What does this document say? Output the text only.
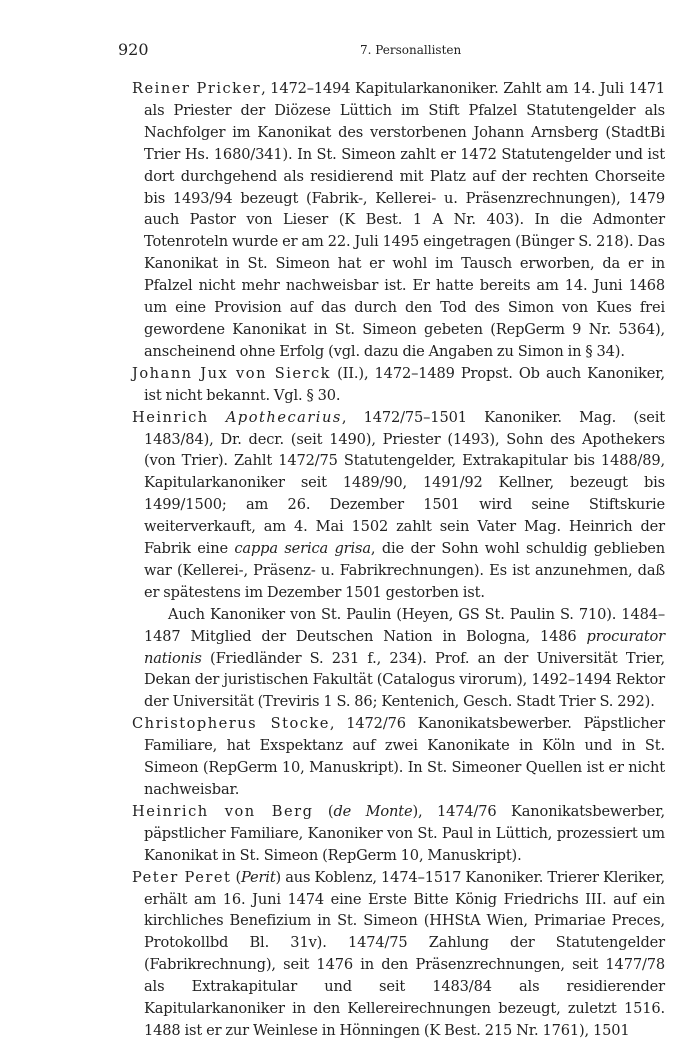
920	7. Personallisten

Reiner Pricker, 1472–1494 Kapitularkanoniker. Zahlt am 14. Juli 1471 als Priester der Diözese Lüttich im Stift Pfalzel Statutengelder als Nachfolger im Kanonikat des verstorbenen Johann Arnsberg (StadtBi Trier Hs. 1680/341). In St. Simeon zahlt er 1472 Statutengelder und ist dort durchgehend als residierend mit Platz auf der rechten Chorseite bis 1493/94 bezeugt (Fabrik-, Kellerei- u. Präsenzrechnungen), 1479 auch Pastor von Lieser (K Best. 1 A Nr. 403). In die Admonter Totenroteln wurde er am 22. Juli 1495 eingetragen (Bünger S. 218). Das Kanonikat in St. Simeon hat er wohl im Tausch erworben, da er in Pfalzel nicht mehr nachweisbar ist. Er hatte bereits am 14. Juni 1468 um eine Provision auf das durch den Tod des Simon von Kues frei gewordene Kanonikat in St. Simeon gebeten (RepGerm 9 Nr. 5364), anscheinend ohne Erfolg (vgl. dazu die Angaben zu Simon in § 34).

Johann Jux von Sierck (II.), 1472–1489 Propst. Ob auch Kanoniker, ist nicht bekannt. Vgl. § 30.

Heinrich Apothecarius, 1472/75–1501 Kanoniker. Mag. (seit 1483/84), Dr. decr. (seit 1490), Priester (1493), Sohn des Apothekers (von Trier). Zahlt 1472/75 Statutengelder, Extrakapitular bis 1488/89, Kapitularkanoniker seit 1489/90, 1491/92 Kellner, bezeugt bis 1499/1500; am 26. Dezember 1501 wird seine Stiftskurie weiterverkauft, am 4. Mai 1502 zahlt sein Vater Mag. Heinrich der Fabrik eine cappa serica grisa, die der Sohn wohl schuldig geblieben war (Kellerei-, Präsenz- u. Fabrikrechnungen). Es ist anzunehmen, daß er spätestens im Dezember 1501 gestorben ist.

Auch Kanoniker von St. Paulin (Heyen, GS St. Paulin S. 710). 1484–1487 Mitglied der Deutschen Nation in Bologna, 1486 procurator nationis (Friedländer S. 231 f., 234). Prof. an der Universität Trier, Dekan der juristischen Fakultät (Catalogus virorum), 1492–1494 Rektor der Universität (Treviris 1 S. 86; Kentenich, Gesch. Stadt Trier S. 292).

Christopherus Stocke, 1472/76 Kanonikatsbewerber. Päpstlicher Familiare, hat Exspektanz auf zwei Kanonikate in Köln und in St. Simeon (RepGerm 10, Manuskript). In St. Simeoner Quellen ist er nicht nachweisbar.

Heinrich von Berg (de Monte), 1474/76 Kanonikatsbewerber, päpstlicher Familiare, Kanoniker von St. Paul in Lüttich, prozessiert um Kanonikat in St. Simeon (RepGerm 10, Manuskript).

Peter Peret (Perit) aus Koblenz, 1474–1517 Kanoniker. Trierer Kleriker, erhält am 16. Juni 1474 eine Erste Bitte König Friedrichs III. auf ein kirchliches Benefizium in St. Simeon (HHStA Wien, Primariae Preces, Protokollbd Bl. 31v). 1474/75 Zahlung der Statutengelder (Fabrikrechnung), seit 1476 in den Präsenzrechnungen, seit 1477/78 als Extrakapitular und seit 1483/84 als residierender Kapitularkanoniker in den Kellereirechnungen bezeugt, zuletzt 1516. 1488 ist er zur Weinlese in Hönningen (K Best. 215 Nr. 1761), 1501
